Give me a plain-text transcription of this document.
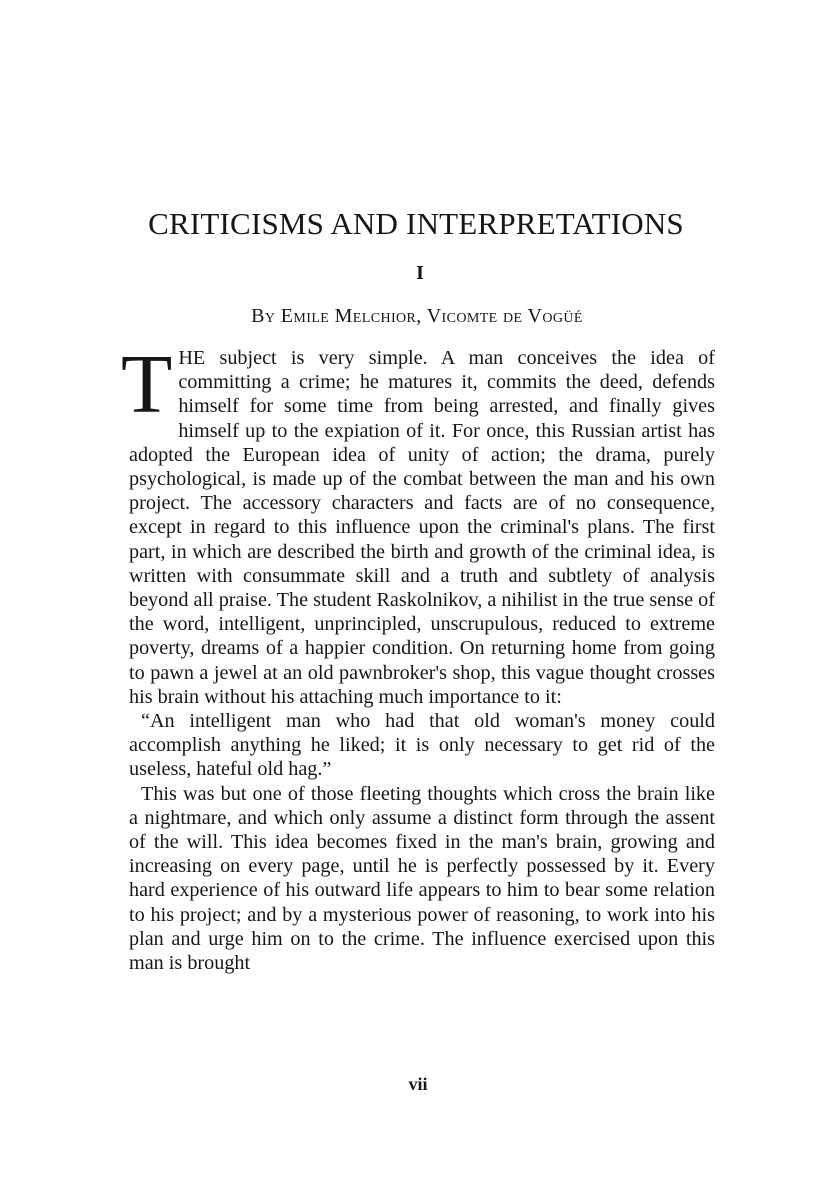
CRITICISMS AND INTERPRETATIONS
I
By Emile Melchior, Vicomte de Vogüé

THE subject is very simple. A man conceives the idea of committing a crime; he matures it, commits the deed, defends himself for some time from being arrested, and finally gives himself up to the expiation of it. For once, this Russian artist has adopted the European idea of unity of action; the drama, purely psychological, is made up of the combat between the man and his own project. The accessory characters and facts are of no consequence, except in regard to this influence upon the criminal's plans. The first part, in which are described the birth and growth of the criminal idea, is written with consummate skill and a truth and subtlety of analysis beyond all praise. The student Raskolnikov, a nihilist in the true sense of the word, intelligent, unprincipled, unscrupulous, reduced to extreme poverty, dreams of a happier condition. On returning home from going to pawn a jewel at an old pawnbroker's shop, this vague thought crosses his brain without his attaching much importance to it:

“An intelligent man who had that old woman's money could accomplish anything he liked; it is only necessary to get rid of the useless, hateful old hag.”

This was but one of those fleeting thoughts which cross the brain like a nightmare, and which only assume a distinct form through the assent of the will. This idea becomes fixed in the man's brain, growing and increasing on every page, until he is perfectly possessed by it. Every hard experience of his outward life appears to him to bear some relation to his project; and by a mysterious power of reasoning, to work into his plan and urge him on to the crime. The influence exercised upon this man is brought

vii
